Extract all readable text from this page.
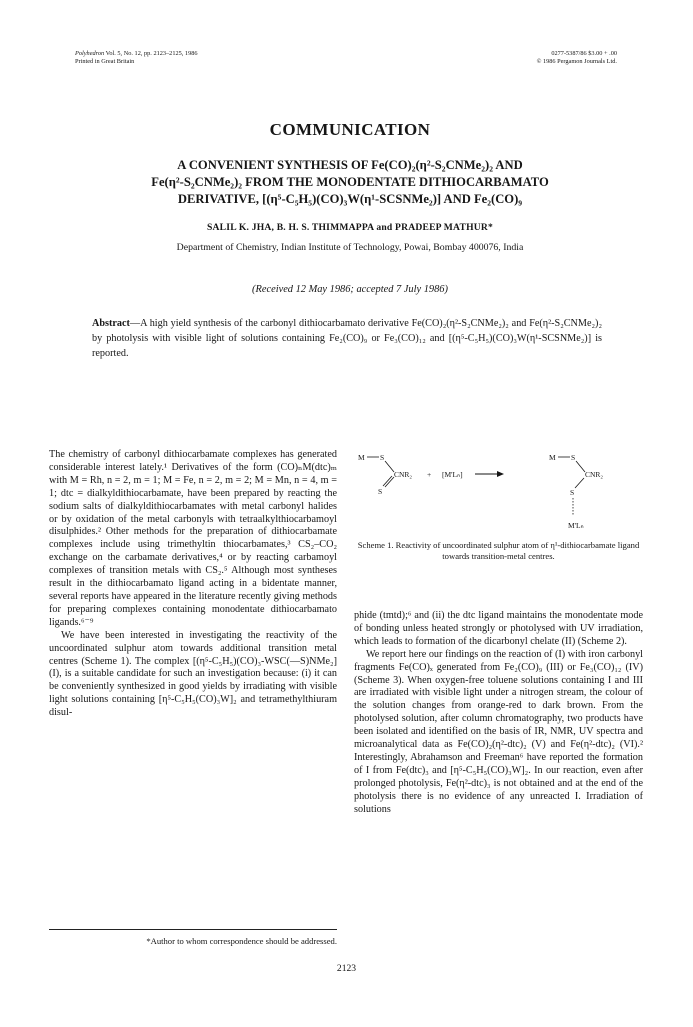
Polyhedron Vol. 5, No. 12, pp. 2123–2125, 1986
Printed in Great Britain
0277-5387/86 $3.00 + .00
© 1986 Pergamon Journals Ltd.
COMMUNICATION
A CONVENIENT SYNTHESIS OF Fe(CO)₂(η²-S₂CNMe₂)₂ AND
Fe(η²-S₂CNMe₂)₂ FROM THE MONODENTATE DITHIOCARBAMATO
DERIVATIVE, [(η⁵-C₅H₅)(CO)₃W(η¹-SCSNMe₂)] AND Fe₂(CO)₉
SALIL K. JHA, B. H. S. THIMMAPPA and PRADEEP MATHUR*
Department of Chemistry, Indian Institute of Technology, Powai, Bombay 400076, India
(Received 12 May 1986; accepted 7 July 1986)
Abstract—A high yield synthesis of the carbonyl dithiocarbamato derivative Fe(CO)₂(η²-S₂CNMe₂)₂ and Fe(η²-S₂CNMe₂)₂ by photolysis with visible light of solutions containing Fe₂(CO)₉ or Fe₃(CO)₁₂ and [(η⁵-C₅H₅)(CO)₃W(η¹-SCSNMe₂)] is reported.

The chemistry of carbonyl dithiocarbamate complexes has generated considerable interest lately.¹ Derivatives of the form (CO)ₙM(dtc)ₘ with M = Rh, n = 2, m = 1; M = Fe, n = 2, m = 2; M = Mn, n = 4, m = 1; dtc = dialkyldithiocarbamate, have been prepared by reacting the sodium salts of dialkyldithiocarbamates with metal carbonyl halides or by oxidation of the metal carbonyls with tetraalkylthiocarbamoyl disulphides.² Other methods for the preparation of dithiocarbamate complexes include using trimethyltin thiocarbamates,³ CS₂–CO₂ exchange on the carbamate derivatives,⁴ or by reacting carbamoyl complexes of transition metals with CS₂.⁵ Although most syntheses result in the dithiocarbamato ligand acting in a bidentate manner, several reports have appeared in the literature recently giving methods for preparing complexes containing monodentate dithiocarbamato ligands.⁶⁻⁹

We have been interested in investigating the reactivity of the uncoordinated sulphur atom towards additional transition metal centres (Scheme 1). The complex [(η⁵-C₅H₅)(CO)₃-WSC(—S)NMe₂] (I), is a suitable candidate for such an investigation because: (i) it can be conveniently synthesized in good yields by irradiating with visible light solutions containing [η⁵-C₅H₅(CO)₃W]₂ and tetramethylthiuram disul-

M S
CNR₂
S
+ [M'Lₙ]
M S
CNR₂
S
M'Lₙ
Scheme 1. Reactivity of uncoordinated sulphur atom of η¹-dithiocarbamate ligand towards transition-metal centres.

phide (tmtd);⁶ and (ii) the dtc ligand maintains the monodentate mode of bonding unless heated strongly or photolysed with UV irradiation, which leads to formation of the dicarbonyl chelate (II) (Scheme 2).

We report here our findings on the reaction of (I) with iron carbonyl fragments Fe(CO)ₓ generated from Fe₂(CO)₉ (III) or Fe₃(CO)₁₂ (IV) (Scheme 3). When oxygen-free toluene solutions containing I and III are irradiated with visible light under a nitrogen stream, the colour of the solution changes from orange-red to dark brown. From the photolysed solution, after column chromatography, two products have been isolated and identified on the basis of IR, NMR, UV spectra and microanalytical data as Fe(CO)₂(η²-dtc)₂ (V) and Fe(η²-dtc)₂ (VI).² Interestingly, Abrahamson and Freeman⁶ have reported the formation of I from Fe(dtc)₃ and [η⁵-C₅H₅(CO)₃W]₂. In our reaction, even after prolonged photolysis, Fe(η²-dtc)₃ is not obtained and at the end of the photolysis there is no evidence of any unreacted I. Irradiation of solutions

*Author to whom correspondence should be addressed.
2123
